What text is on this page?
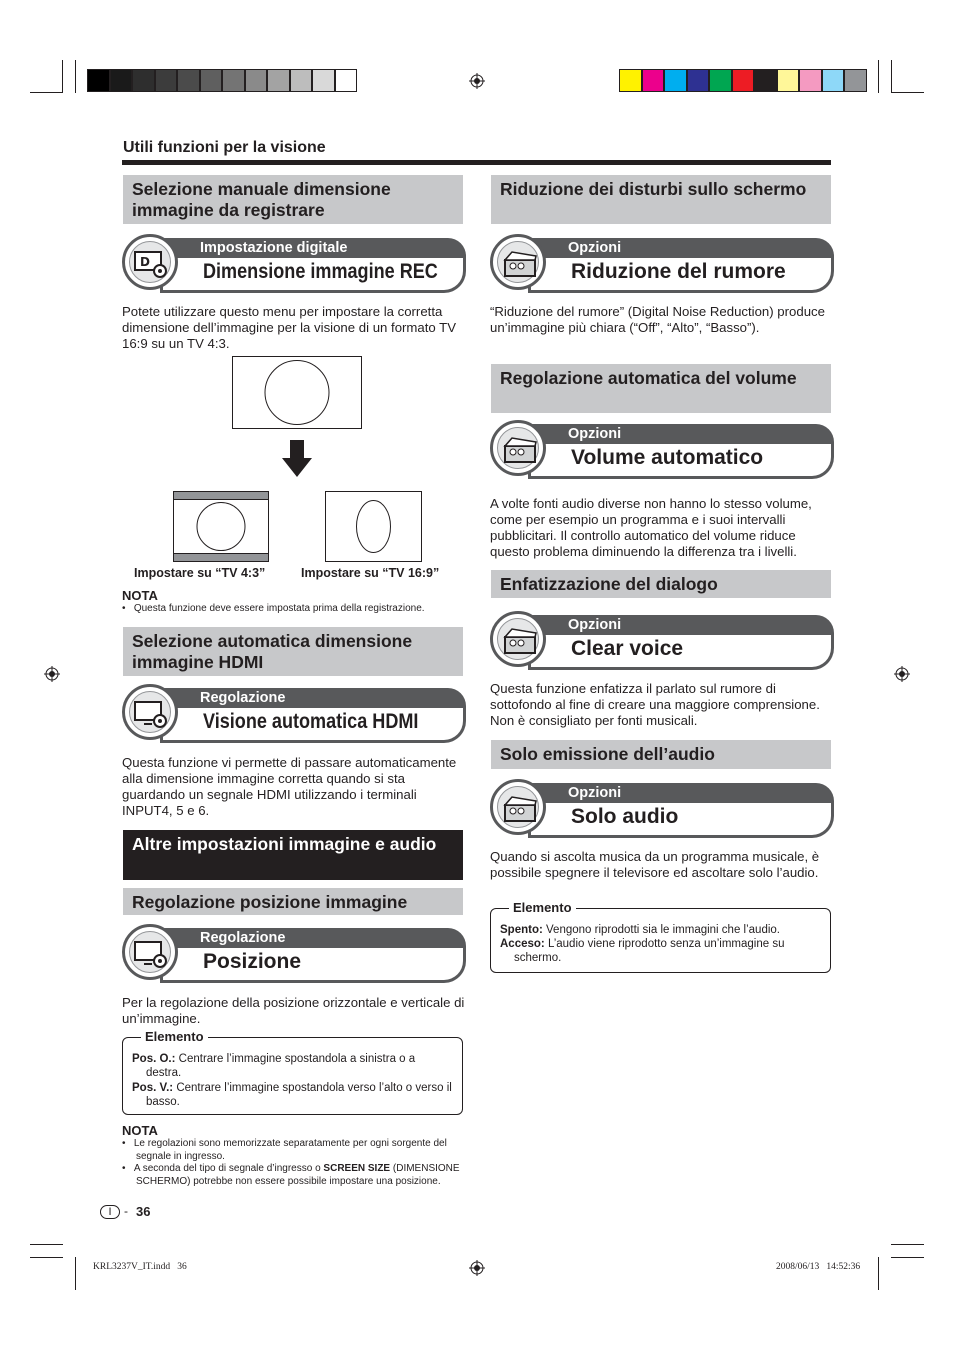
Utili funzioni per la visione
Selezione manuale dimensione immagine da registrare
Impostazione digitale
Dimensione immagine REC
D
Potete utilizzare questo menu per impostare la corretta dimensione dell’immagine per la visione di un formato TV 16:9 su un TV 4:3.
Impostare su “TV 4:3”	Impostare su “TV 16:9”
NOTA

•   Questa funzione deve essere impostata prima della registrazione.

Selezione automatica dimensione immagine HDMI
Regolazione
Visione automatica HDMI
Questa funzione vi permette di passare automaticamente alla dimensione immagine corretta quando si sta guardando un segnale HDMI utilizzando i terminali INPUT4, 5 e 6.
Altre impostazioni immagine e audio
Regolazione posizione immagine
Regolazione
Posizione
Per la regolazione della posizione orizzontale e verticale di un’immagine.
Elemento
Pos. O.: Centrare l’immagine spostandola a sinistra o a destra.
Pos. V.: Centrare l’immagine spostandola verso l’alto o verso il basso.
NOTA

•   Le regolazioni sono memorizzate separatamente per ogni sorgente del segnale in ingresso.

•   A seconda del tipo di segnale d’ingresso o SCREEN SIZE (DIMENSIONE SCHERMO) potrebbe non essere possibile impostare una posizione.

Riduzione dei disturbi sullo schermo
Opzioni
Riduzione del rumore
“Riduzione del rumore” (Digital Noise Reduction) produce un’immagine più chiara (“Off”, “Alto”, “Basso”).
Regolazione automatica del volume
Opzioni
Volume automatico
A volte fonti audio diverse non hanno lo stesso volume, come per esempio un programma e i suoi intervalli pubblicitari. Il controllo automatico del volume riduce questo problema diminuendo la differenza tra i livelli.
Enfatizzazione del dialogo
Opzioni
Clear voice
Questa funzione enfatizza il parlato sul rumore di sottofondo al fine di creare una maggiore comprensione. Non è consigliato per fonti musicali.
Solo emissione dell’audio
Opzioni
Solo audio
Quando si ascolta musica da un programma musicale, è possibile spegnere il televisore ed ascoltare solo l’audio.
Elemento
Spento: Vengono riprodotti sia le immagini che l’audio.
Acceso: L’audio viene riprodotto senza un’immagine su schermo.
I	- 36
KRL3237V_IT.indd   36	2008/06/13   14:52:36
